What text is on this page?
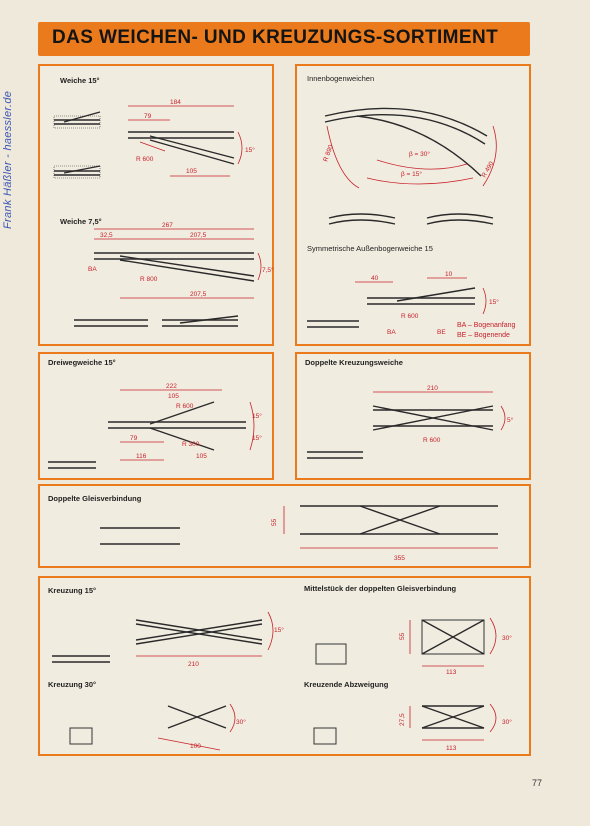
Frank Häßler - haessler.de
DAS WEICHEN- UND KREUZUNGS-SORTIMENT
Weiche 15°
Weiche 7,5°
184
79
R 600
105
15°
267
32,5	207,5
BA
R 800
207,5
7,5°
Innenbogenweichen
Symmetrische Außenbogenweiche 15
R 890	β = 30°
β = 15°	R 490
40
10
R 600
15°
BA	BE
BA – Bogenanfang
BE – Bogenende
Dreiwegweiche 15°
222
105
R 600
79
R 300
15°
15°
116	105
Doppelte Kreuzungsweiche
210
R 600
5°
Doppelte Gleisverbindung
55
355
Kreuzung 15°	Mittelstück der doppelten Gleisverbindung
Kreuzung 30°	Kreuzende Abzweigung
210
15°
55
113
30°
100
30°	27,5
113
30°
77
